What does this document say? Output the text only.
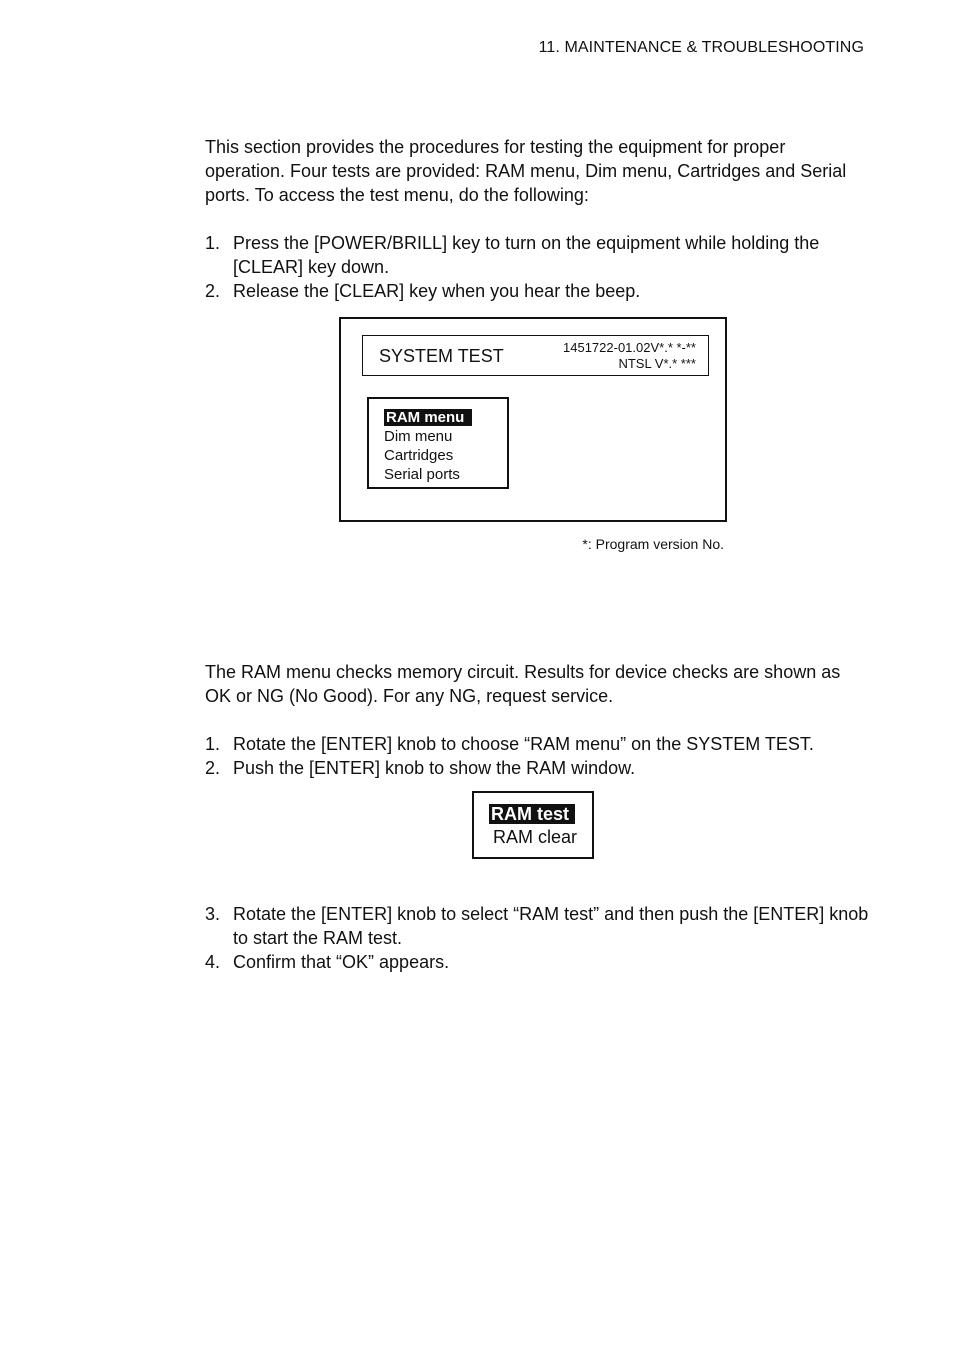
11. MAINTENANCE & TROUBLESHOOTING

This section provides the procedures for testing the equipment for proper operation. Four tests are provided: RAM menu, Dim menu, Cartridges and Serial ports. To access the test menu, do the following:

1. Press the [POWER/BRILL] key to turn on the equipment while holding the [CLEAR] key down.
2. Release the [CLEAR] key when you hear the beep.
SYSTEM TEST	1451722-01.02V*.* *-**
NTSL V*.* ***
RAM menu
Dim menu
Cartridges
Serial ports
*: Program version No.

The RAM menu checks memory circuit. Results for device checks are shown as OK or NG (No Good). For any NG, request service.

1. Rotate the [ENTER] knob to choose “RAM menu” on the SYSTEM TEST.
2. Push the [ENTER] knob to show the RAM window.
RAM test
RAM clear
3. Rotate the [ENTER] knob to select “RAM test” and then push the [ENTER] knob to start the RAM test.
4. Confirm that “OK” appears.
